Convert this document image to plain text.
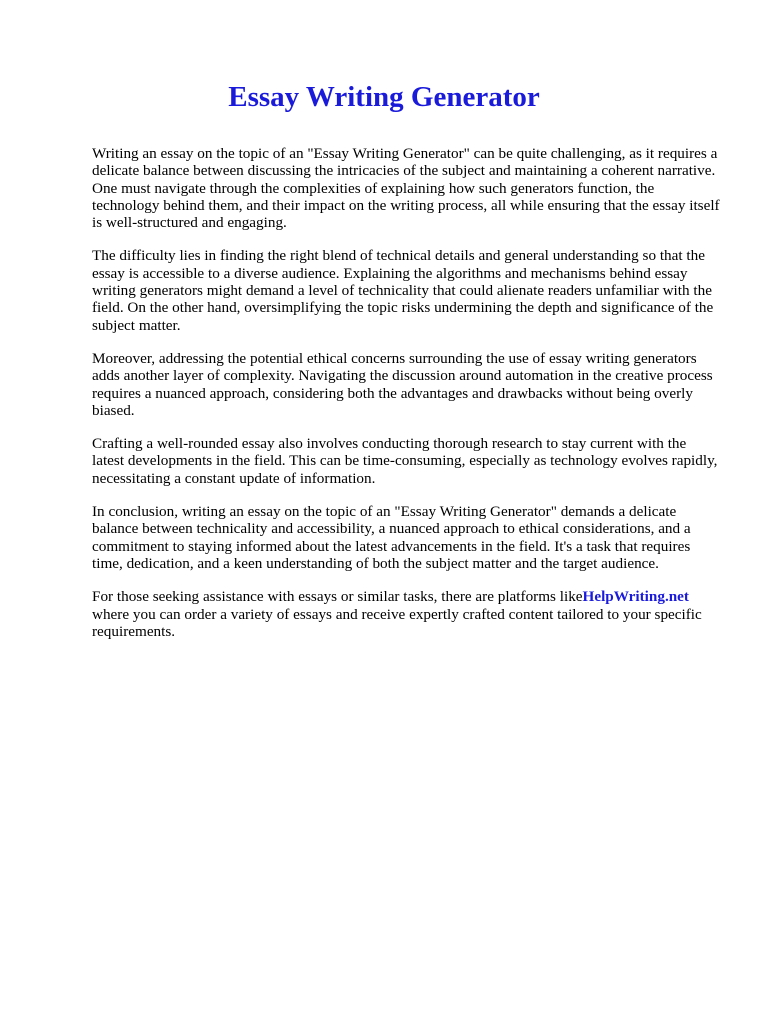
Essay Writing Generator

Writing an essay on the topic of an "Essay Writing Generator" can be quite challenging, as it requires a delicate balance between discussing the intricacies of the subject and maintaining a coherent narrative. One must navigate through the complexities of explaining how such generators function, the technology behind them, and their impact on the writing process, all while ensuring that the essay itself is well-structured and engaging.

The difficulty lies in finding the right blend of technical details and general understanding so that the essay is accessible to a diverse audience. Explaining the algorithms and mechanisms behind essay writing generators might demand a level of technicality that could alienate readers unfamiliar with the field. On the other hand, oversimplifying the topic risks undermining the depth and significance of the subject matter.

Moreover, addressing the potential ethical concerns surrounding the use of essay writing generators adds another layer of complexity. Navigating the discussion around automation in the creative process requires a nuanced approach, considering both the advantages and drawbacks without being overly biased.

Crafting a well-rounded essay also involves conducting thorough research to stay current with the latest developments in the field. This can be time-consuming, especially as technology evolves rapidly, necessitating a constant update of information.

In conclusion, writing an essay on the topic of an "Essay Writing Generator" demands a delicate balance between technicality and accessibility, a nuanced approach to ethical considerations, and a commitment to staying informed about the latest advancements in the field. It's a task that requires time, dedication, and a keen understanding of both the subject matter and the target audience.

For those seeking assistance with essays or similar tasks, there are platforms likeHelpWriting.net where you can order a variety of essays and receive expertly crafted content tailored to your specific requirements.
